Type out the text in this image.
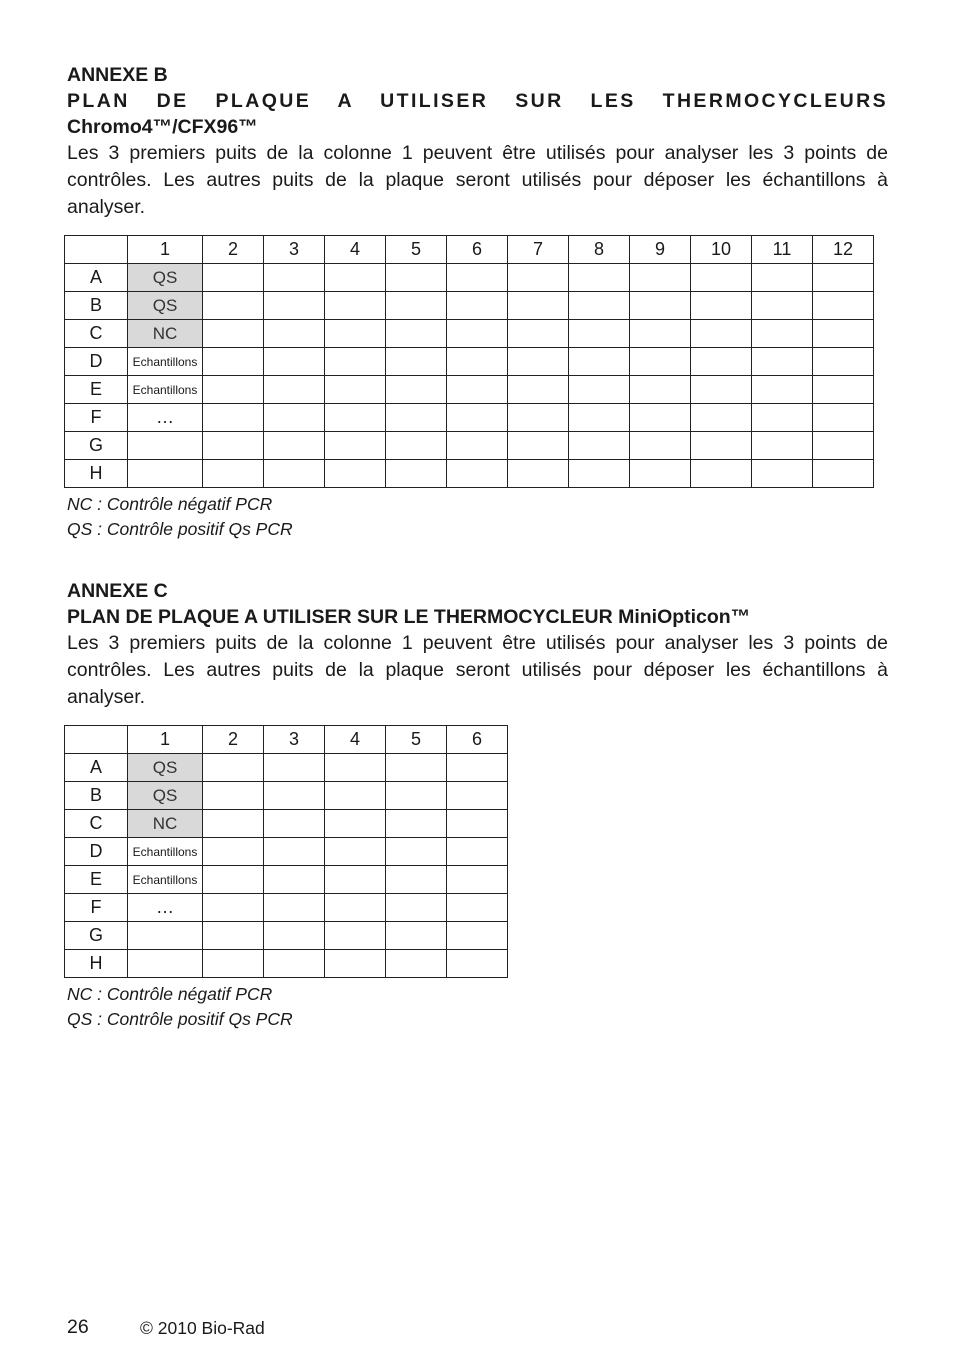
ANNEXE B

PLAN DE PLAQUE A UTILISER SUR LES THERMOCYCLEURS

Chromo4™/CFX96™

Les 3 premiers puits de la colonne 1 peuvent être utilisés pour analyser les 3 points de contrôles. Les autres puits de la plaque seront utilisés pour déposer les échantillons à analyser.

	1	2	3	4	5	6	7	8	9	10	11	12
A	QS											
B	QS											
C	NC											
D	Echantillons											
E	Echantillons											
F	…											
G												
H												

NC : Contrôle négatif PCR

QS : Contrôle positif Qs PCR

ANNEXE C

PLAN DE PLAQUE A UTILISER SUR LE THERMOCYCLEUR MiniOpticon™

Les 3 premiers puits de la colonne 1 peuvent être utilisés pour analyser les 3 points de contrôles. Les autres puits de la plaque seront utilisés pour déposer les échantillons à analyser.

	1	2	3	4	5	6
A	QS					
B	QS					
C	NC					
D	Echantillons					
E	Echantillons					
F	…					
G						
H						

NC : Contrôle négatif PCR

QS : Contrôle positif Qs PCR

26	© 2010 Bio-Rad
